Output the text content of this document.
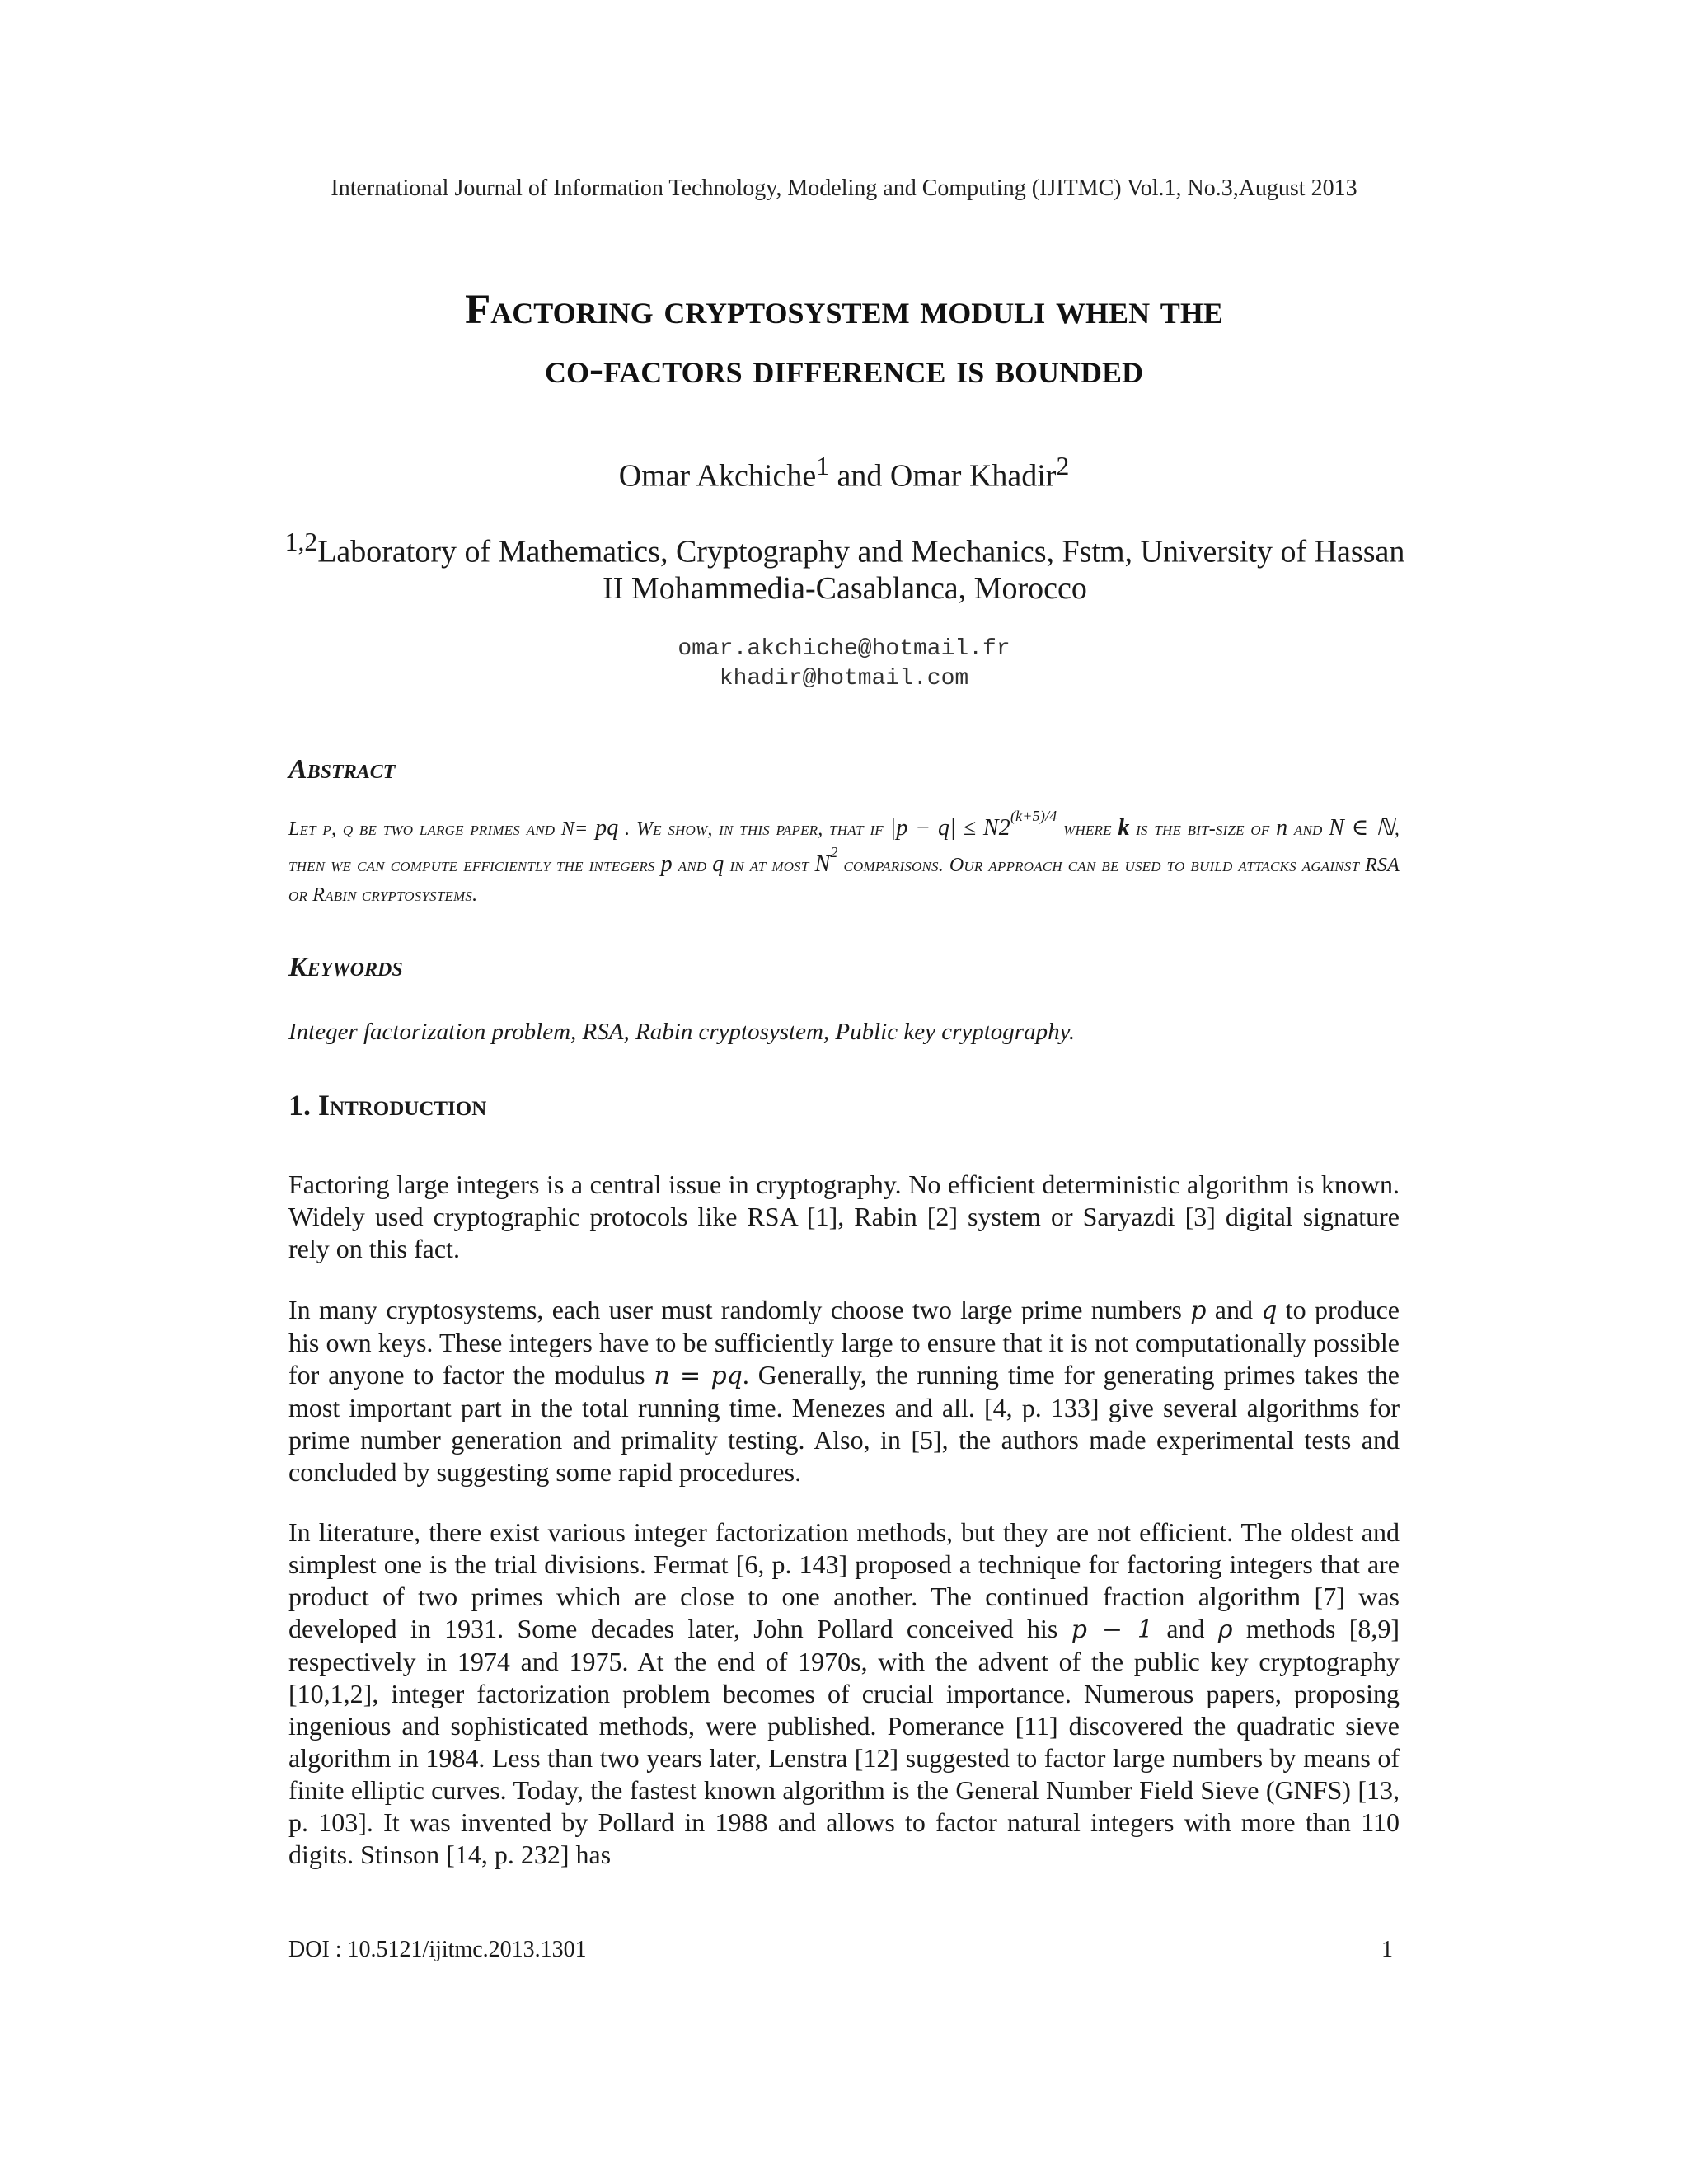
International Journal of Information Technology, Modeling and Computing (IJITMC) Vol.1, No.3,August 2013
Factoring cryptosystem moduli when the
co-factors difference is bounded
Omar Akchiche$^1$ and Omar Khadir$^2$
$^{1,2}$Laboratory of Mathematics, Cryptography and Mechanics, Fstm, University of Hassan II Mohammedia-Casablanca, Morocco
omar.akchiche@hotmail.fr
khadir@hotmail.com
Abstract
Let p, q be two large primes and N= pq . We show, in this paper, that if $|p - q| \le N2^{(k+5)/4}$ where k is the bit-size of n and N ∈ ℕ, then we can compute efficiently the integers p and q in at most $N^2$ comparisons. Our approach can be used to build attacks against RSA or Rabin cryptosystems.
Keywords
Integer factorization problem, RSA, Rabin cryptosystem, Public key cryptography.
1. Introduction
Factoring large integers is a central issue in cryptography. No efficient deterministic algorithm is known. Widely used cryptographic protocols like RSA [1], Rabin [2] system or Saryazdi [3] digital signature rely on this fact.
In many cryptosystems, each user must randomly choose two large prime numbers p and q to produce his own keys. These integers have to be sufficiently large to ensure that it is not computationally possible for anyone to factor the modulus n = pq. Generally, the running time for generating primes takes the most important part in the total running time. Menezes and all. [4, p. 133] give several algorithms for prime number generation and primality testing. Also, in [5], the authors made experimental tests and concluded by suggesting some rapid procedures.
In literature, there exist various integer factorization methods, but they are not efficient. The oldest and simplest one is the trial divisions. Fermat [6, p. 143] proposed a technique for factoring integers that are product of two primes which are close to one another. The continued fraction algorithm [7] was developed in 1931. Some decades later, John Pollard conceived his p − 1 and ρ methods [8,9] respectively in 1974 and 1975. At the end of 1970s, with the advent of the public key cryptography [10,1,2], integer factorization problem becomes of crucial importance. Numerous papers, proposing ingenious and sophisticated methods, were published. Pomerance [11] discovered the quadratic sieve algorithm in 1984. Less than two years later, Lenstra [12] suggested to factor large numbers by means of finite elliptic curves. Today, the fastest known algorithm is the General Number Field Sieve (GNFS) [13, p. 103]. It was invented by Pollard in 1988 and allows to factor natural integers with more than 110 digits. Stinson [14, p. 232] has
DOI : 10.5121/ijitmc.2013.1301	1
